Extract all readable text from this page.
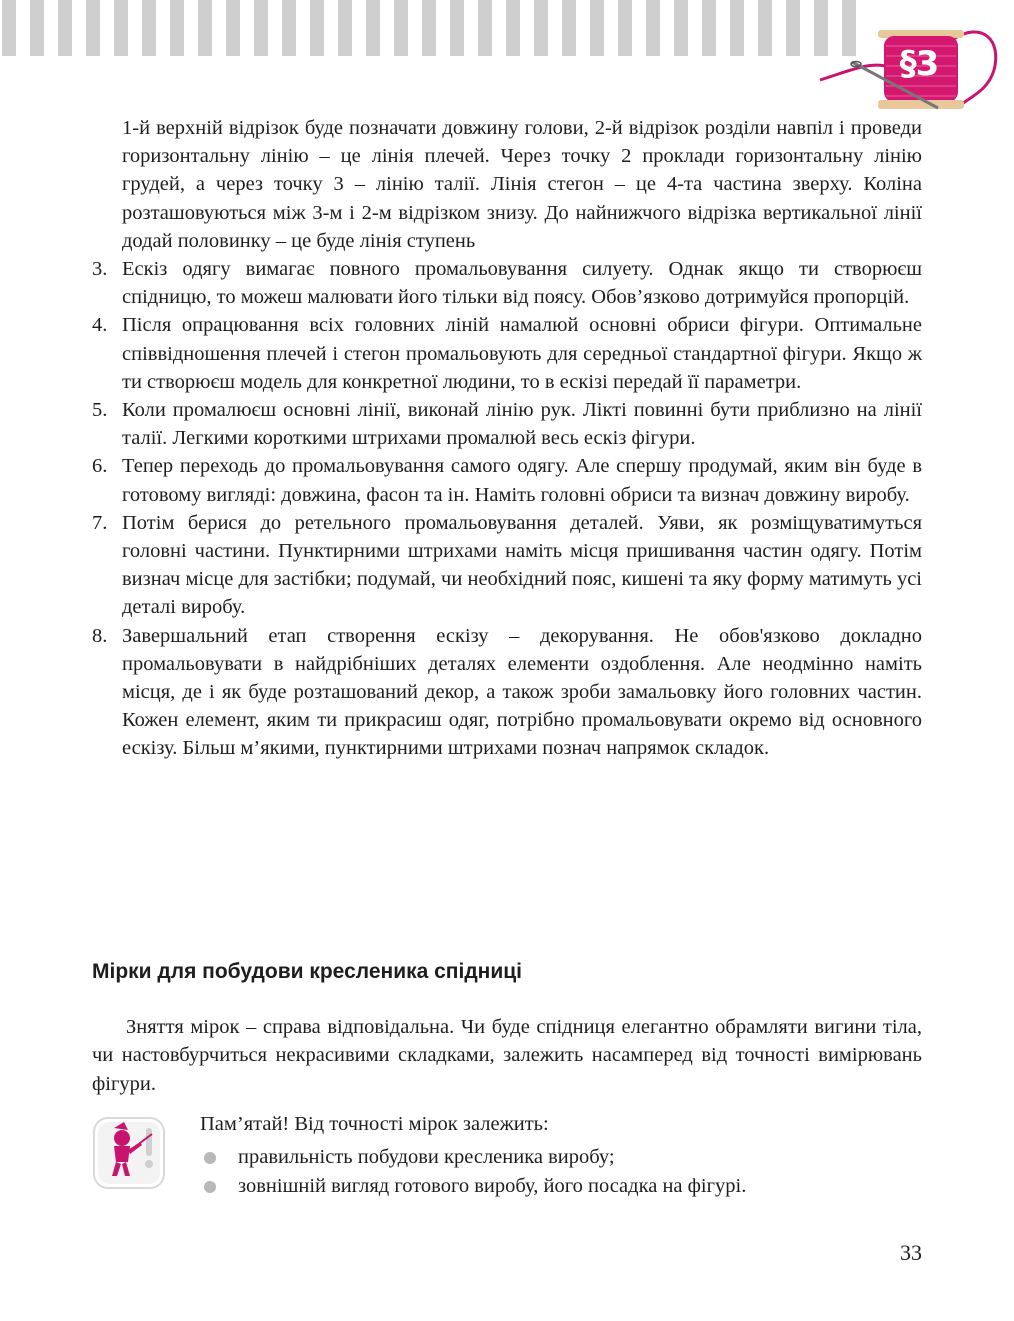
§3

1-й верхній відрізок буде позначати довжину голови, 2-й відрізок розділи навпіл і проведи горизонтальну лінію – це лінія плечей. Через точку 2 проклади горизонтальну лінію грудей, а через точку 3 – лінію талії. Лінія стегон – це 4-та частина зверху. Коліна розташовуються між 3-м і 2-м відрізком знизу. До найнижчого відрізка вертикальної лінії додай половинку – це буде лінія ступень

3. Ескіз одягу вимагає повного промальовування силуету. Однак якщо ти створюєш спідницю, то можеш малювати його тільки від поясу. Обов’язково дотримуйся пропорцій.
4. Після опрацювання всіх головних ліній намалюй основні обриси фігури. Оптимальне співвідношення плечей і стегон промальовують для середньої стандартної фігури. Якщо ж ти створюєш модель для конкретної людини, то в ескізі передай її параметри.
5. Коли промалюєш основні лінії, виконай лінію рук. Лікті повинні бути приблизно на лінії талії. Легкими короткими штрихами промалюй весь ескіз фігури.
6. Тепер переходь до промальовування самого одягу. Але спершу продумай, яким він буде в готовому вигляді: довжина, фасон та ін. Наміть головні обриси та визнач довжину виробу.
7. Потім берися до ретельного промальовування деталей. Уяви, як розміщуватимуться головні частини. Пунктирними штрихами наміть місця пришивання частин одягу. Потім визнач місце для застібки; подумай, чи необхідний пояс, кишені та яку форму матимуть усі деталі виробу.
8. Завершальний етап створення ескізу – декорування. Не обов'язково докладно промальовувати в найдрібніших деталях елементи оздоблення. Але неодмінно наміть місця, де і як буде розташований декор, а також зроби замальовку його головних частин. Кожен елемент, яким ти прикрасиш одяг, потрібно промальовувати окремо від основного ескізу. Більш м’якими, пунктирними штрихами познач напрямок складок.
Мірки для побудови кресленика спідниці

Зняття мірок – справа відповідальна. Чи буде спідниця елегантно обрамляти вигини тіла, чи настовбурчиться некрасивими складками, залежить насамперед від точності вимірювань фігури.

Пам’ятай! Від точності мірок залежить:

правильність побудови кресленика виробу;
зовнішній вигляд готового виробу, його посадка на фігурі.
33
